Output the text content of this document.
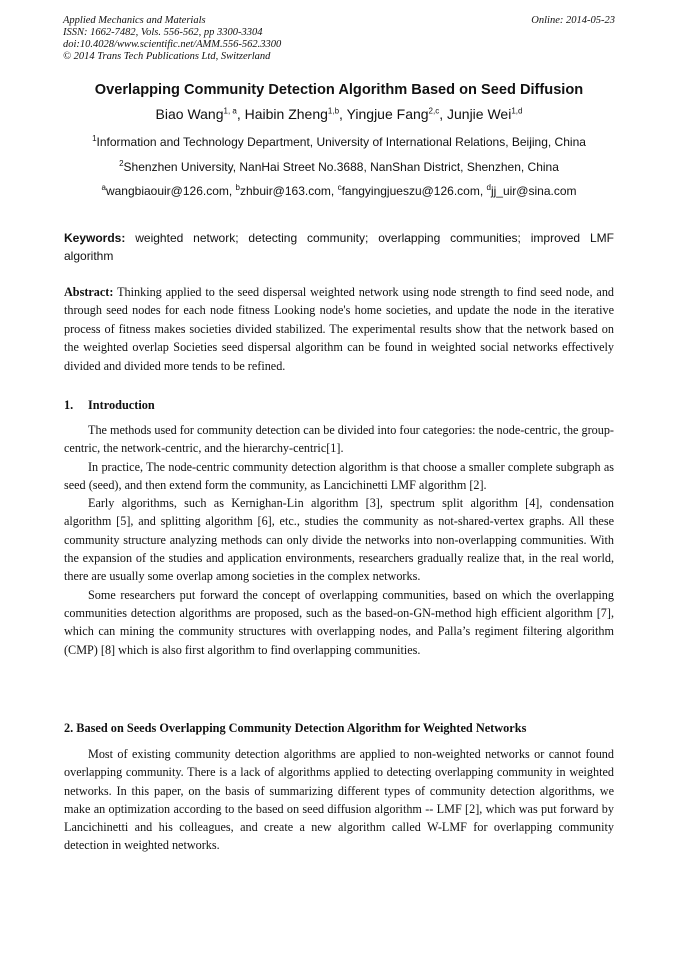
Applied Mechanics and Materials
ISSN: 1662-7482, Vols. 556-562, pp 3300-3304
doi:10.4028/www.scientific.net/AMM.556-562.3300
© 2014 Trans Tech Publications Ltd, Switzerland
Online: 2014-05-23
Overlapping Community Detection Algorithm Based on Seed Diffusion
Biao Wang$^{1, a}$, Haibin Zheng$^{1,b}$, Yingjue Fang$^{2,c}$, Junjie Wei$^{1,d}$
$^1$Information and Technology Department, University of International Relations, Beijing, China
$^2$Shenzhen University, NanHai Street No.3688, NanShan District, Shenzhen, China
$^a$wangbiaouir@126.com, $^b$zhbuir@163.com, $^c$fangyingjueszu@126.com, $^d$jj_uir@sina.com
Keywords: weighted network; detecting community; overlapping communities; improved LMF algorithm
Abstract: Thinking applied to the seed dispersal weighted network using node strength to find seed node, and through seed nodes for each node fitness Looking node's home societies, and update the node in the iterative process of fitness makes societies divided stabilized. The experimental results show that the network based on the weighted overlap Societies seed dispersal algorithm can be found in weighted social networks effectively divided and divided more tends to be refined.
1. Introduction

The methods used for community detection can be divided into four categories: the node-centric, the group-centric, the network-centric, and the hierarchy-centric[1].

In practice, The node-centric community detection algorithm is that choose a smaller complete subgraph as seed (seed), and then extend form the community, as Lancichinetti LMF algorithm [2].

Early algorithms, such as Kernighan-Lin algorithm [3], spectrum split algorithm [4], condensation algorithm [5], and splitting algorithm [6], etc., studies the community as not-shared-vertex graphs. All these community structure analyzing methods can only divide the networks into non-overlapping communities. With the expansion of the studies and application environments, researchers gradually realize that, in the real world, there are usually some overlap among societies in the complex networks.

Some researchers put forward the concept of overlapping communities, based on which the overlapping communities detection algorithms are proposed, such as the based-on-GN-method high efficient algorithm [7], which can mining the community structures with overlapping nodes, and Palla’s regiment filtering algorithm (CMP) [8] which is also first algorithm to find overlapping communities.

2. Based on Seeds Overlapping Community Detection Algorithm for Weighted Networks

Most of existing community detection algorithms are applied to non-weighted networks or cannot found overlapping community. There is a lack of algorithms applied to detecting overlapping community in weighted networks. In this paper, on the basis of summarizing different types of community detection algorithms, we make an optimization according to the based on seed diffusion algorithm -- LMF [2], which was put forward by Lancichinetti and his colleagues, and create a new algorithm called W-LMF for overlapping community detection in weighted networks.
